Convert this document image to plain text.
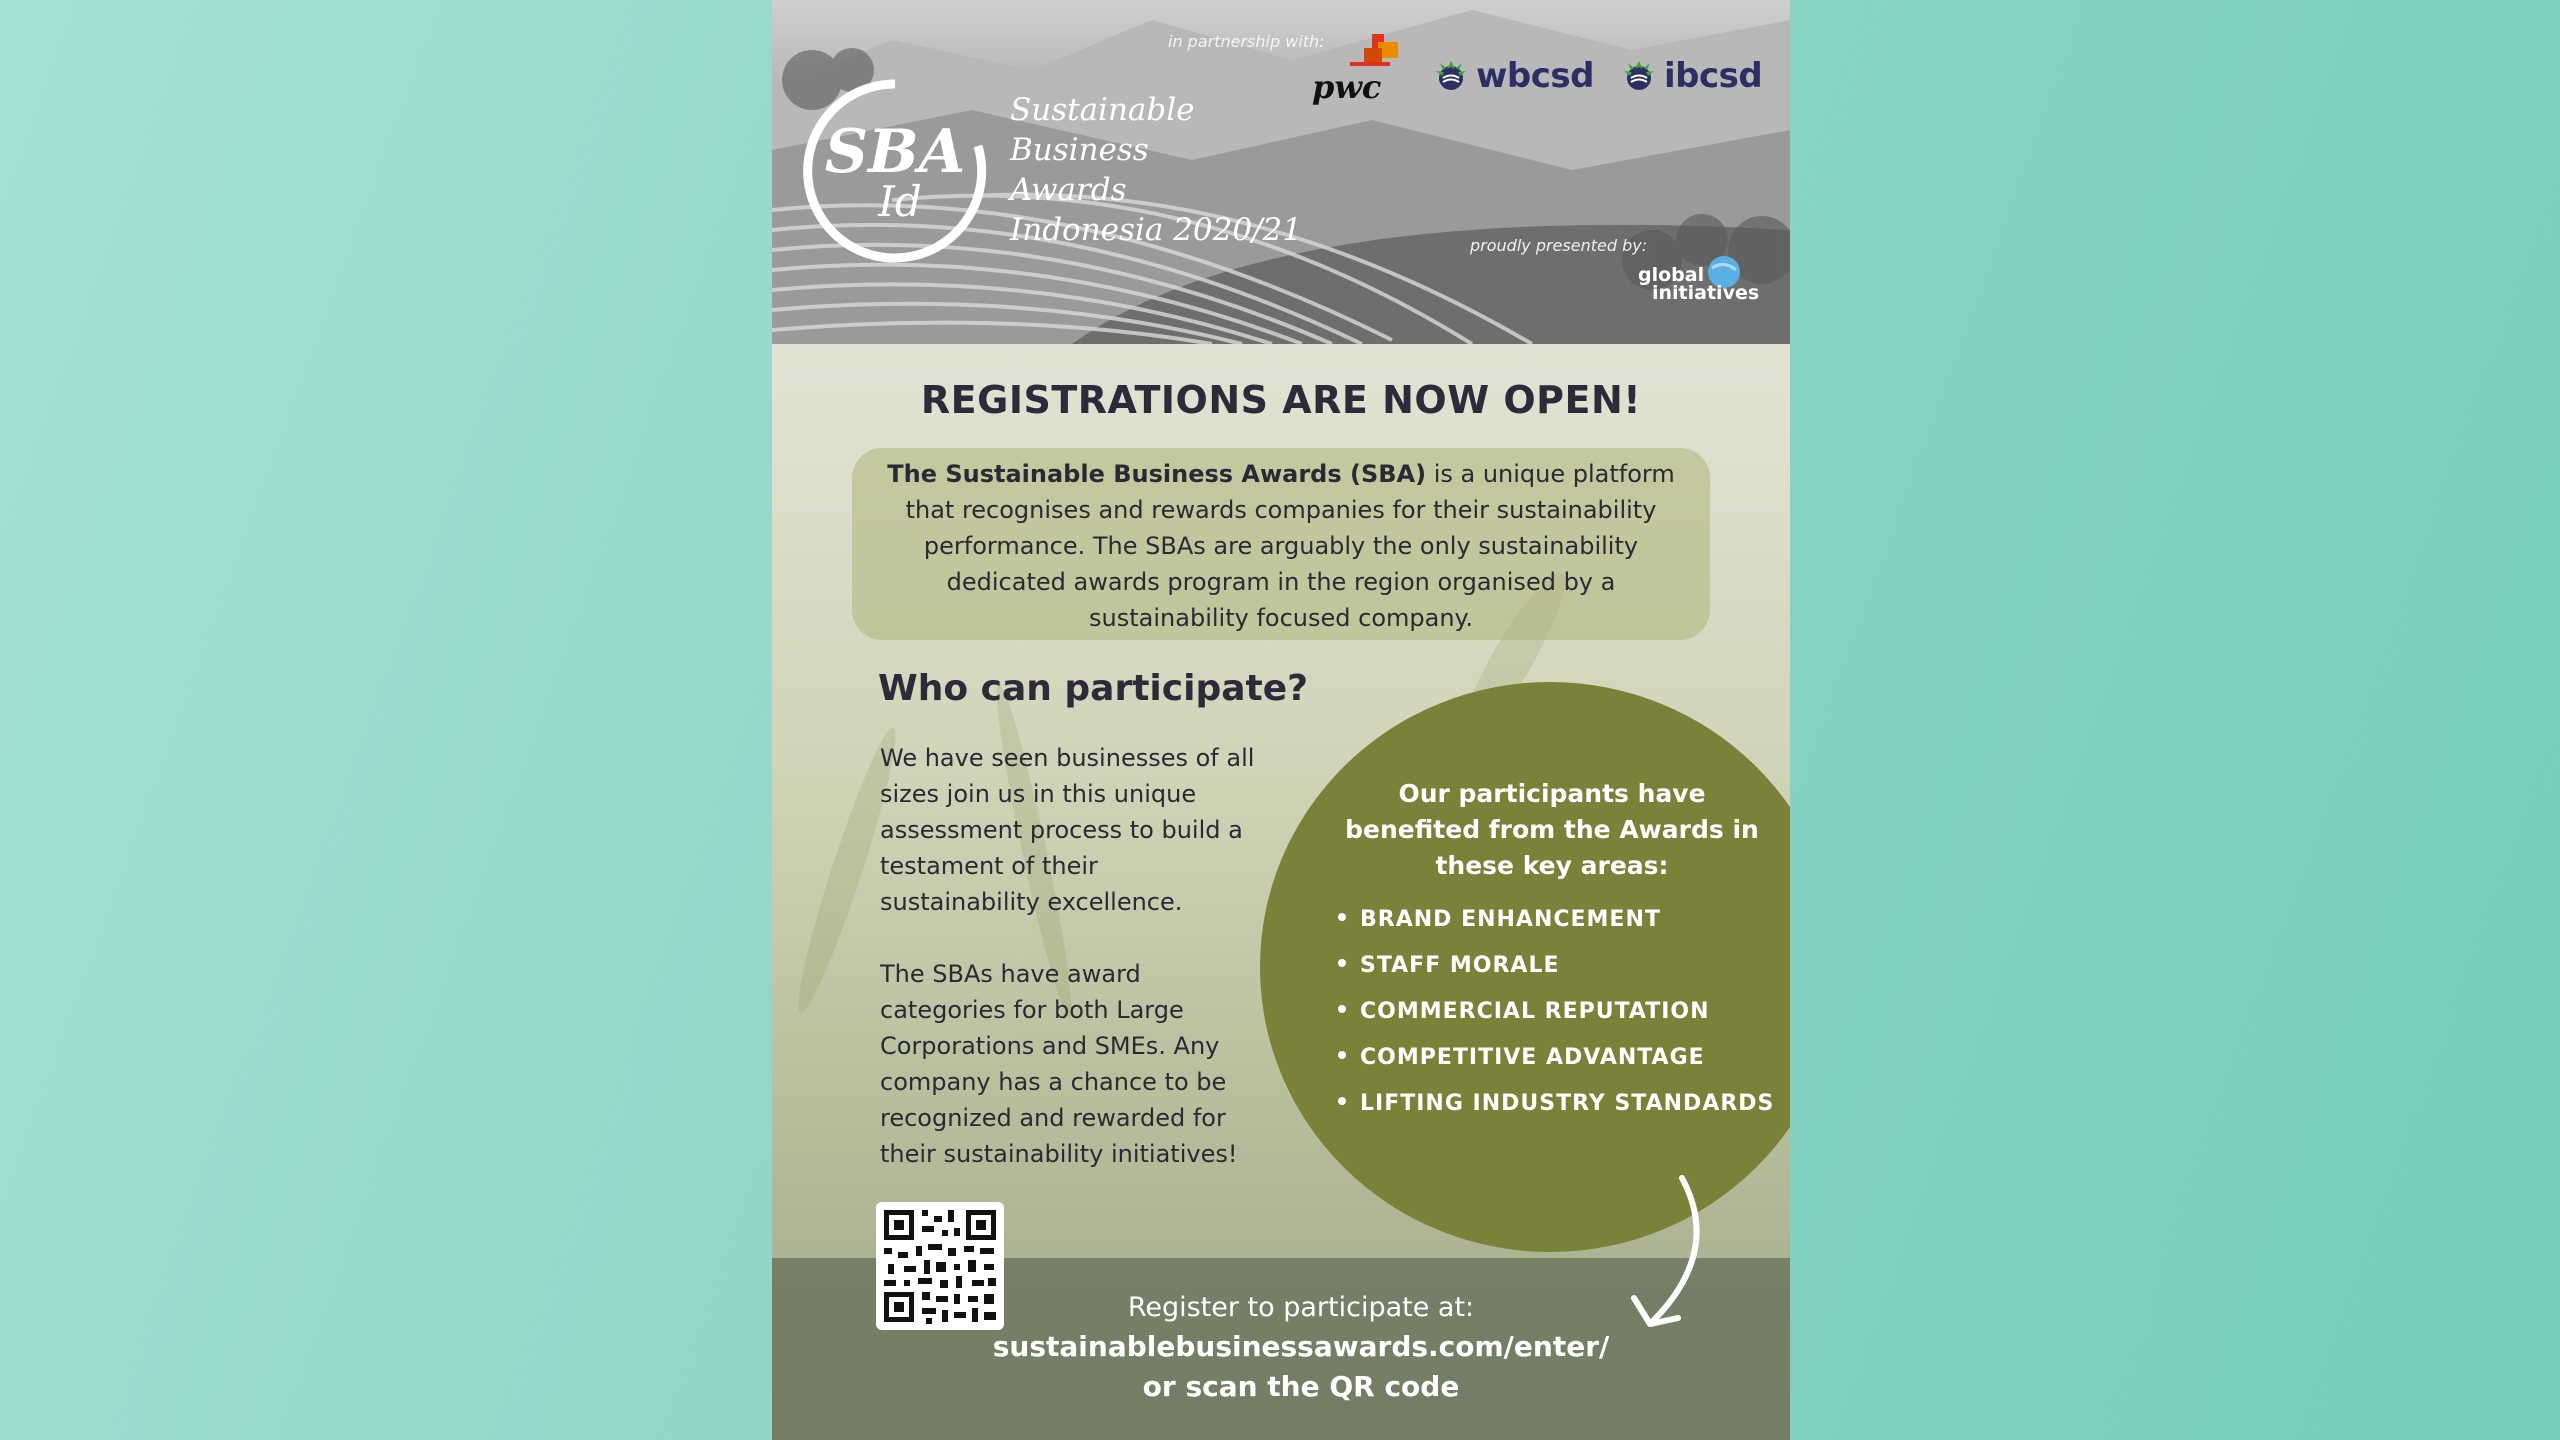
SBA
Id
Sustainable
Business
Awards
Indonesia 2020/21

in partnership with:

pwc	wbcsd ibcsd

proudly presented by:

global
initiatives
REGISTRATIONS ARE NOW OPEN!

The Sustainable Business Awards (SBA) is a unique platform that recognises and rewards companies for their sustainability performance. The SBAs are arguably the only sustainability dedicated awards program in the region organised by a sustainability focused company.

Who can participate?

We have seen businesses of all sizes join us in this unique assessment process to build a testament of their sustainability excellence.

The SBAs have award categories for both Large Corporations and SMEs. Any company has a chance to be recognized and rewarded for their sustainability initiatives!

Our participants have benefited from the Awards in these key areas:

BRAND ENHANCEMENT
STAFF MORALE
COMMERCIAL REPUTATION
COMPETITIVE ADVANTAGE
LIFTING INDUSTRY STANDARDS

Register to participate at:

sustainablebusinessawards.com/enter/

or scan the QR code
